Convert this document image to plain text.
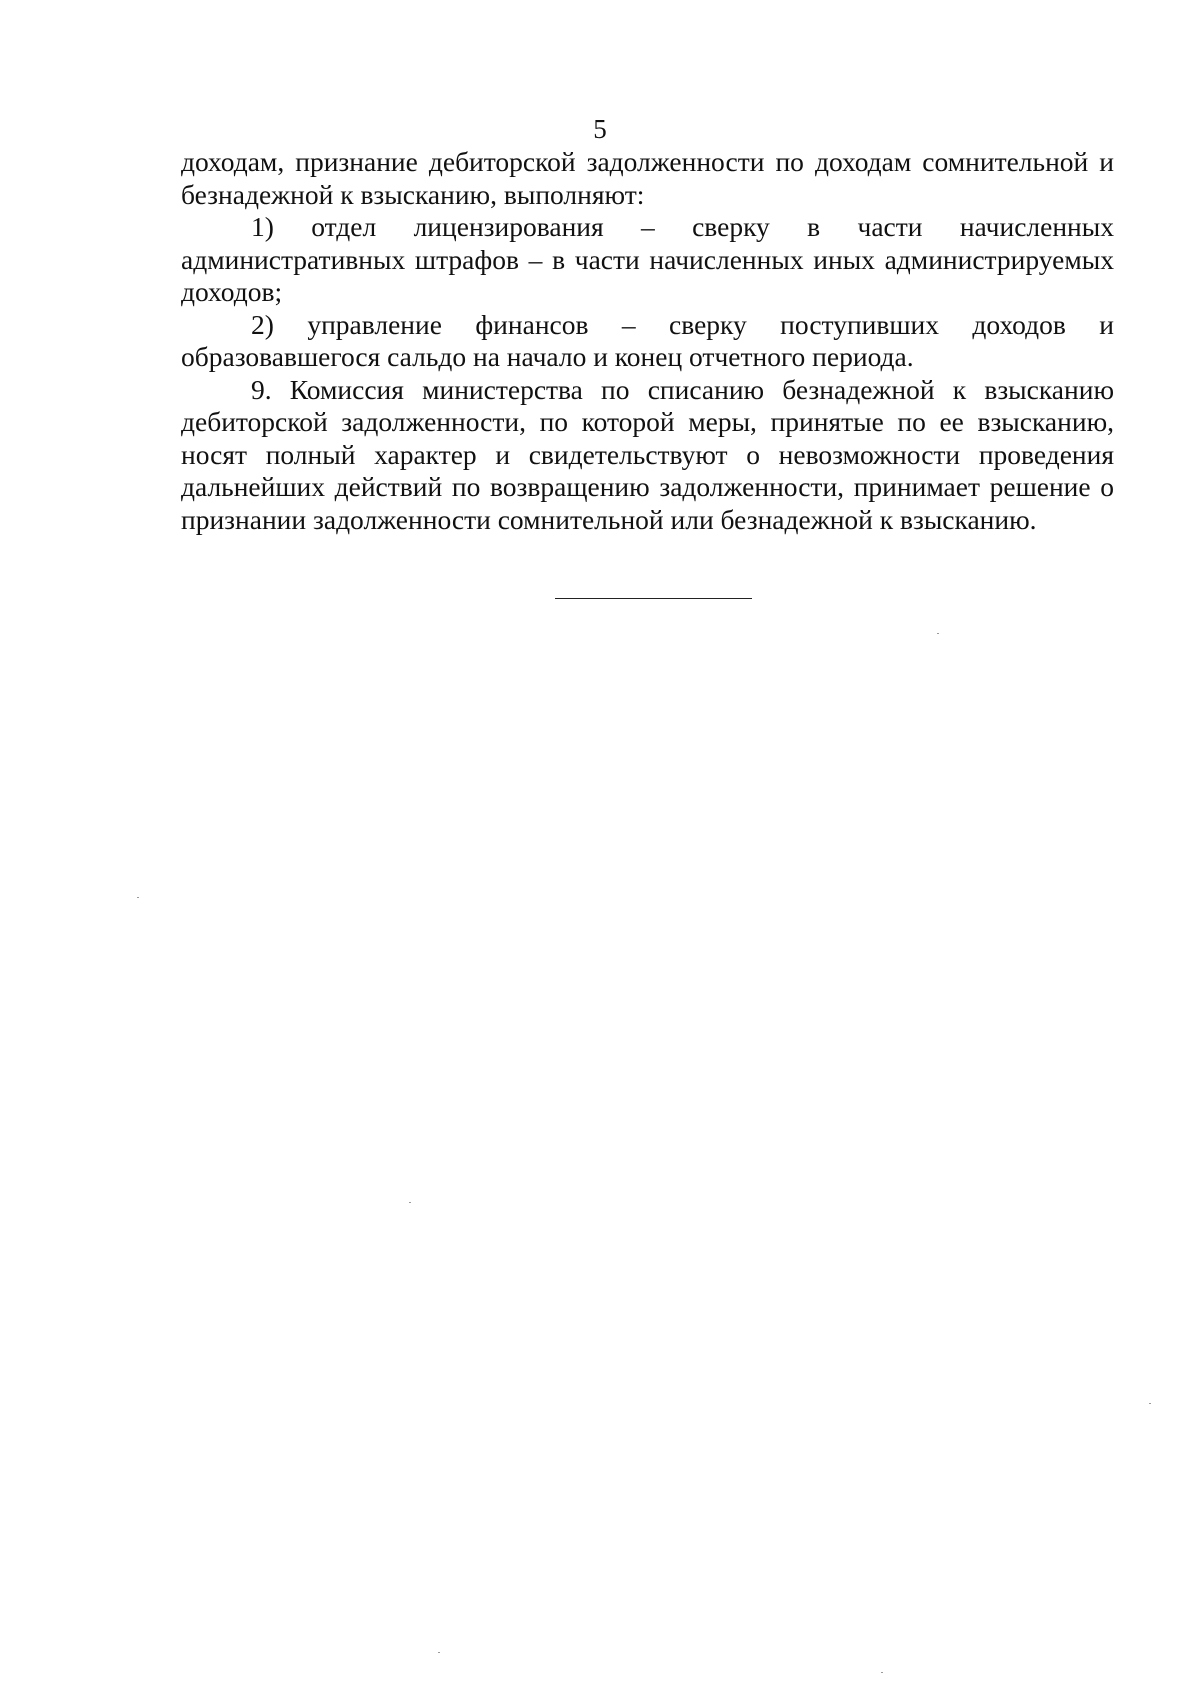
5

доходам, признание дебиторской задолженности по доходам сомнительной и безнадежной к взысканию, выполняют:

1) отдел лицензирования – сверку в части начисленных административных штрафов – в части начисленных иных администрируемых доходов;

2) управление финансов – сверку поступивших доходов и образовавшегося сальдо на начало и конец отчетного периода.

9. Комиссия министерства по списанию безнадежной к взысканию дебиторской задолженности, по которой меры, принятые по ее взысканию, носят полный характер и свидетельствуют о невозможности проведения дальнейших действий по возвращению задолженности, принимает решение о признании задолженности сомнительной или безнадежной к взысканию.
